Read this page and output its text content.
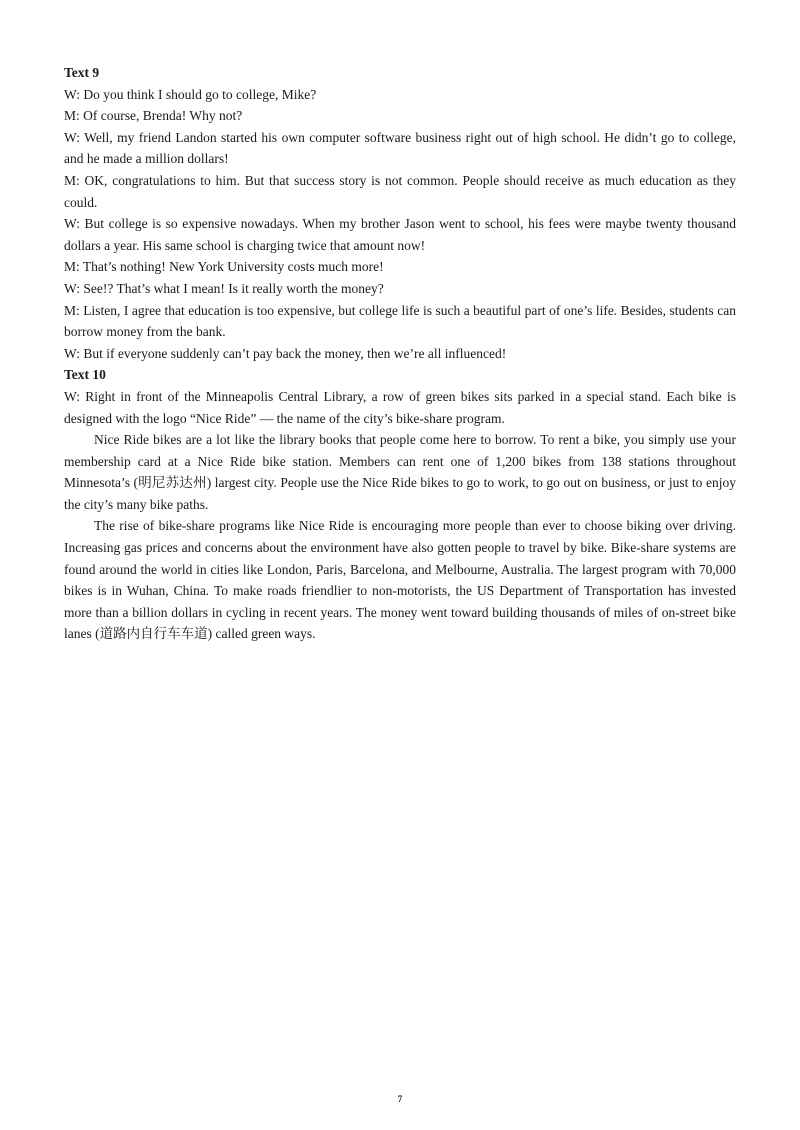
Text 9

W: Do you think I should go to college, Mike?

M: Of course, Brenda! Why not?

W: Well, my friend Landon started his own computer software business right out of high school. He didn’t go to college, and he made a million dollars!

M: OK, congratulations to him. But that success story is not common. People should receive as much education as they could.

W: But college is so expensive nowadays. When my brother Jason went to school, his fees were maybe twenty thousand dollars a year. His same school is charging twice that amount now!

M: That’s nothing! New York University costs much more!

W: See!? That’s what I mean! Is it really worth the money?

M: Listen, I agree that education is too expensive, but college life is such a beautiful part of one’s life. Besides, students can borrow money from the bank.

W: But if everyone suddenly can’t pay back the money, then we’re all influenced!

Text 10

W: Right in front of the Minneapolis Central Library, a row of green bikes sits parked in a special stand. Each bike is designed with the logo “Nice Ride” — the name of the city’s bike-share program.

Nice Ride bikes are a lot like the library books that people come here to borrow. To rent a bike, you simply use your membership card at a Nice Ride bike station. Members can rent one of 1,200 bikes from 138 stations throughout Minnesota’s (明尼苏达州) largest city. People use the Nice Ride bikes to go to work, to go out on business, or just to enjoy the city’s many bike paths.

The rise of bike-share programs like Nice Ride is encouraging more people than ever to choose biking over driving. Increasing gas prices and concerns about the environment have also gotten people to travel by bike. Bike-share systems are found around the world in cities like London, Paris, Barcelona, and Melbourne, Australia. The largest program with 70,000 bikes is in Wuhan, China. To make roads friendlier to non-motorists, the US Department of Transportation has invested more than a billion dollars in cycling in recent years. The money went toward building thousands of miles of on-street bike lanes (道路内自行车车道) called green ways.

7
